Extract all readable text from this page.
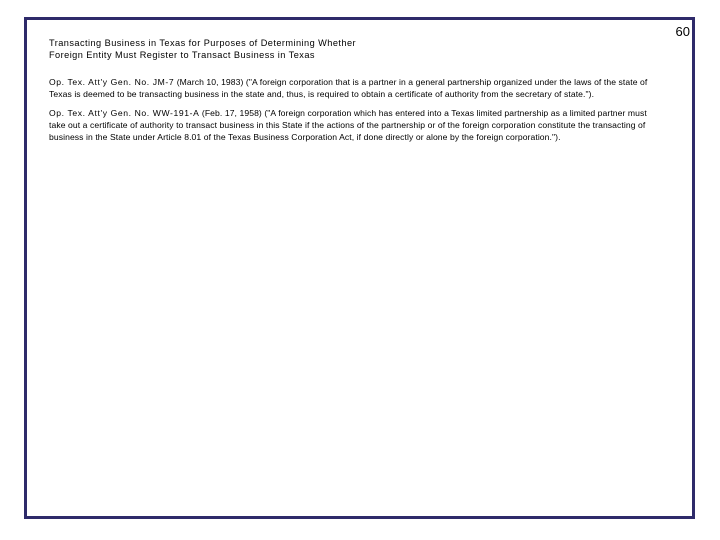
60
Transacting Business in Texas for Purposes of Determining Whether
Foreign Entity Must Register to Transact Business in Texas

Op. Tex. Att'y Gen. No. JM-7 (March 10, 1983) ("A foreign corporation that is a partner in a general partnership organized under the laws of the state of Texas is deemed to be transacting business in the state and, thus, is required to obtain a certificate of authority from the secretary of state.").

Op. Tex. Att'y Gen. No. WW-191-A (Feb. 17, 1958) ("A foreign corporation which has entered into a Texas limited partnership as a limited partner must take out a certificate of authority to transact business in this State if the actions of the partnership or of the foreign corporation constitute the transacting of business in the State under Article 8.01 of the Texas Business Corporation Act, if done directly or alone by the foreign corporation.").
